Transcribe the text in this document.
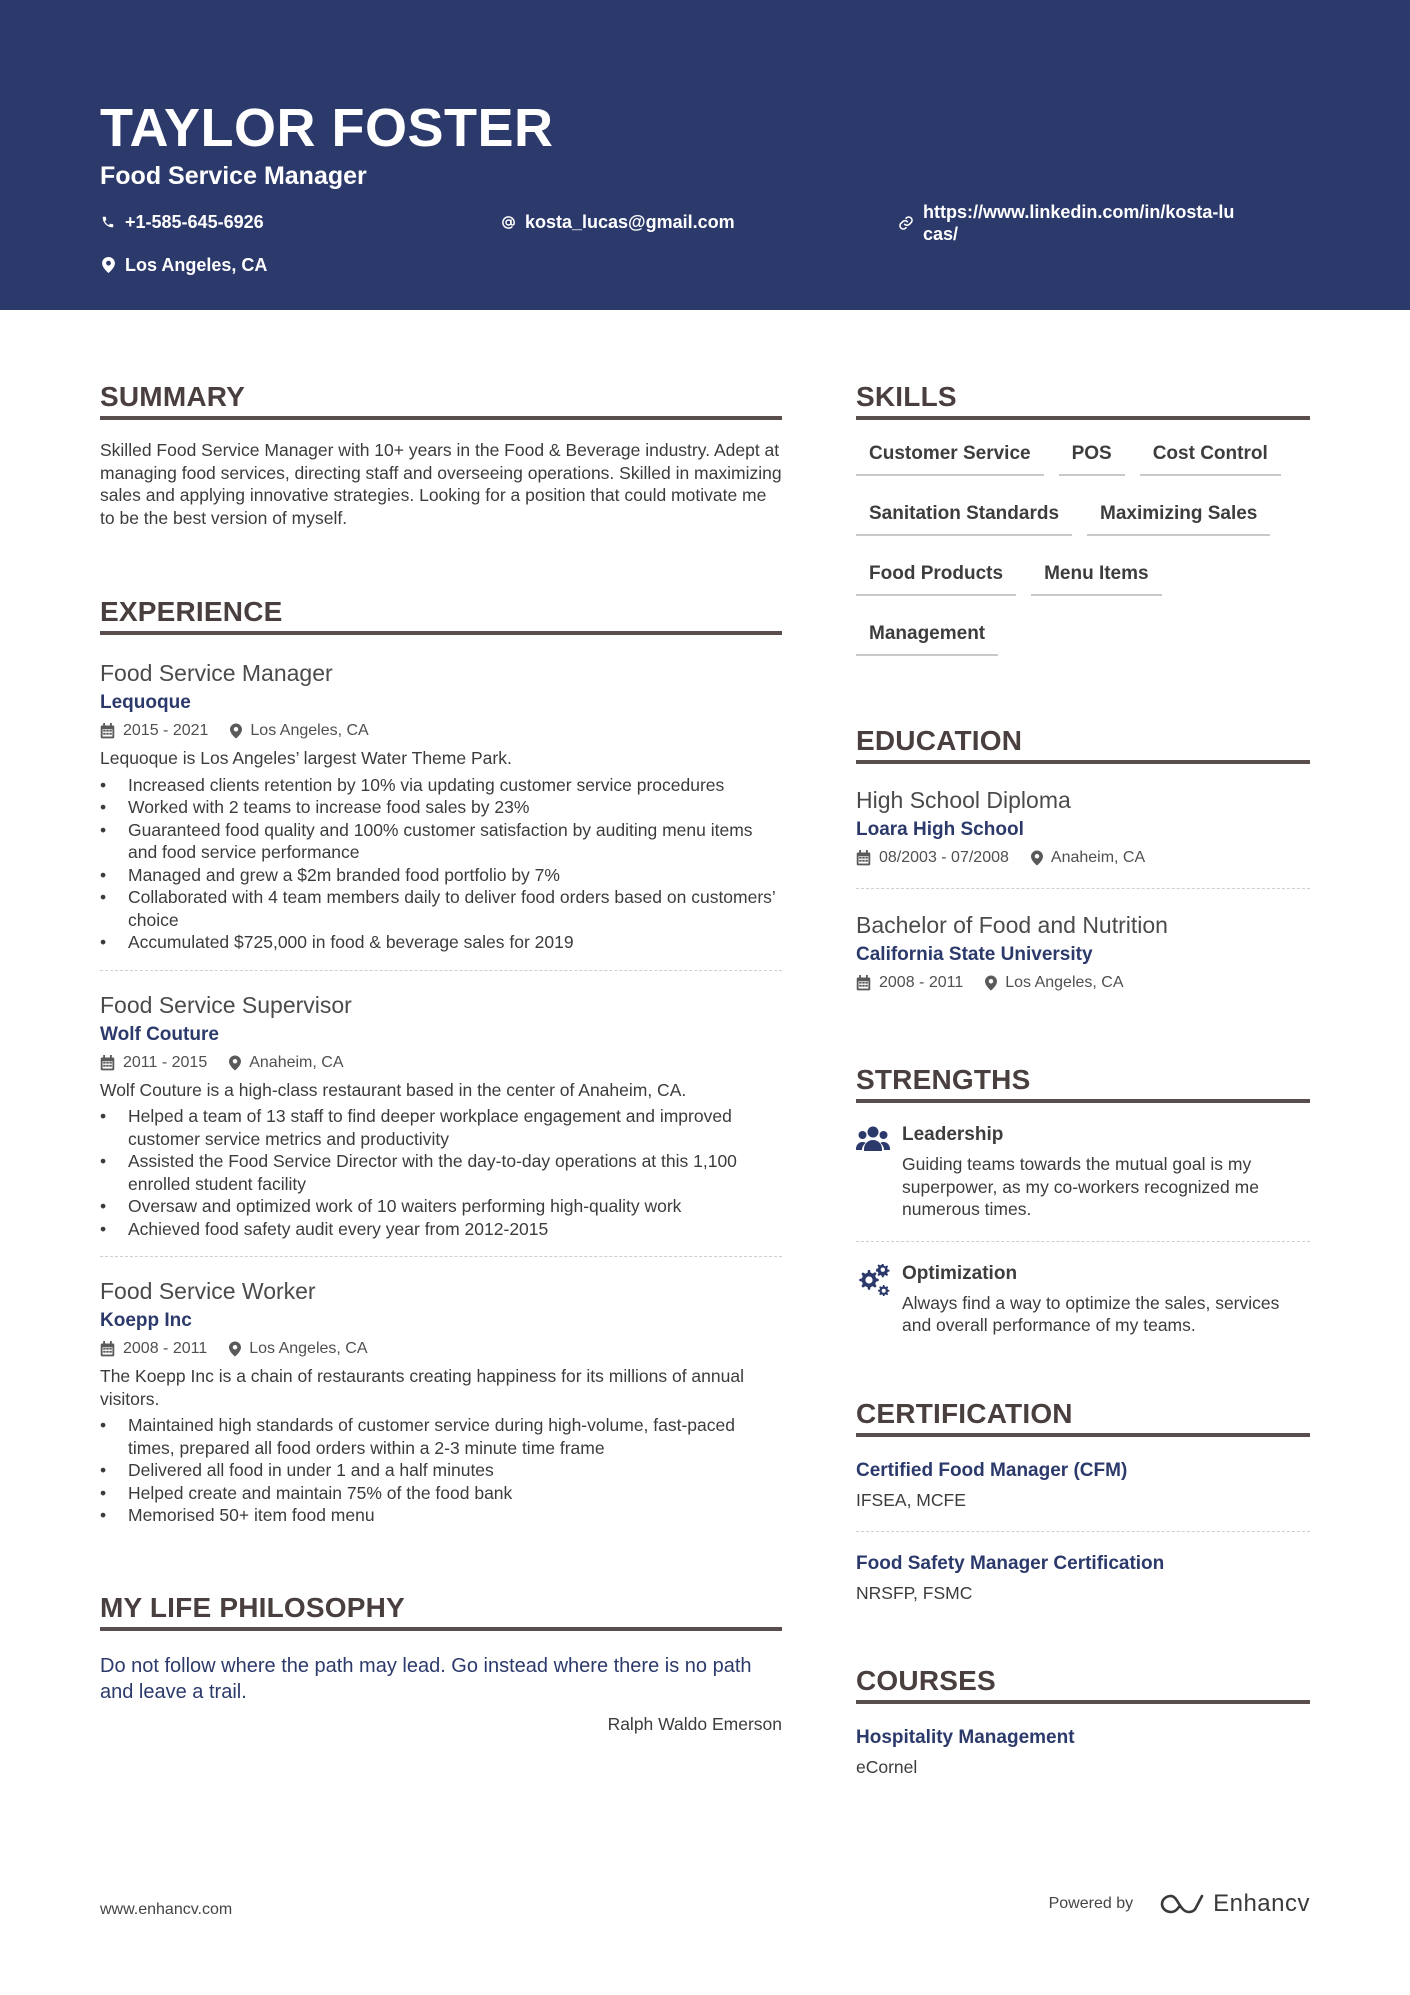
TAYLOR FOSTER
Food Service Manager
+1-585-645-6926	kosta_lucas@gmail.com	https://www.linkedin.com/in/kosta-lucas/
Los Angeles, CA
SUMMARY
Skilled Food Service Manager with 10+ years in the Food & Beverage industry. Adept at managing food services, directing staff and overseeing operations. Skilled in maximizing sales and applying innovative strategies. Looking for a position that could motivate me to be the best version of myself.
EXPERIENCE
Food Service Manager
Lequoque
2015 - 2021	Los Angeles, CA
Lequoque is Los Angeles’ largest Water Theme Park.
• Increased clients retention by 10% via updating customer service procedures
• Worked with 2 teams to increase food sales by 23%
• Guaranteed food quality and 100% customer satisfaction by auditing menu items and food service performance
• Managed and grew a $2m branded food portfolio by 7%
• Collaborated with 4 team members daily to deliver food orders based on customers’ choice
• Accumulated $725,000 in food & beverage sales for 2019
Food Service Supervisor
Wolf Couture
2011 - 2015	Anaheim, CA
Wolf Couture is a high-class restaurant based in the center of Anaheim, CA.
• Helped a team of 13 staff to find deeper workplace engagement and improved customer service metrics and productivity
• Assisted the Food Service Director with the day-to-day operations at this 1,100 enrolled student facility
• Oversaw and optimized work of 10 waiters performing high-quality work
• Achieved food safety audit every year from 2012-2015
Food Service Worker
Koepp Inc
2008 - 2011	Los Angeles, CA
The Koepp Inc is a chain of restaurants creating happiness for its millions of annual visitors.
• Maintained high standards of customer service during high-volume, fast-paced times, prepared all food orders within a 2-3 minute time frame
• Delivered all food in under 1 and a half minutes
• Helped create and maintain 75% of the food bank
• Memorised 50+ item food menu
MY LIFE PHILOSOPHY
Do not follow where the path may lead. Go instead where there is no path and leave a trail.
Ralph Waldo Emerson
SKILLS
Customer Service	POS	Cost Control
Sanitation Standards	Maximizing Sales
Food Products	Menu Items
Management
EDUCATION
High School Diploma
Loara High School
08/2003 - 07/2008	Anaheim, CA
Bachelor of Food and Nutrition
California State University
2008 - 2011	Los Angeles, CA
STRENGTHS
Leadership
Guiding teams towards the mutual goal is my superpower, as my co-workers recognized me numerous times.
Optimization
Always find a way to optimize the sales, services and overall performance of my teams.
CERTIFICATION
Certified Food Manager (CFM)
IFSEA, MCFE
Food Safety Manager Certification
NRSFP, FSMC
COURSES
Hospitality Management
eCornel
www.enhancv.com	Powered by	Enhancv
